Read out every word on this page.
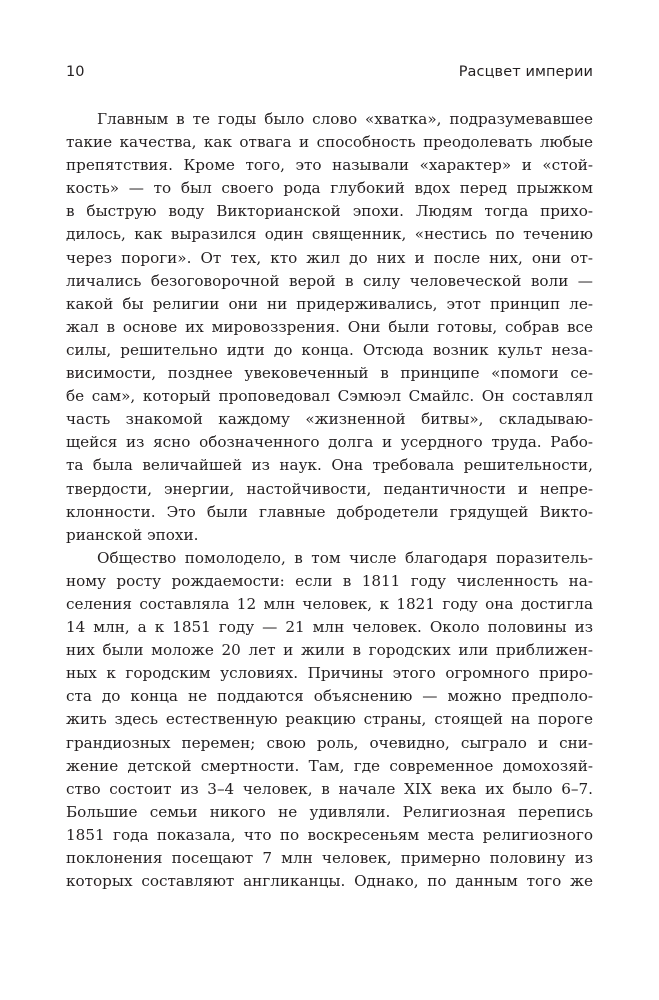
10	Расцвет империи
Главным в те годы было слово «хватка», подразумевавшее
такие качества, как отвага и способность преодолевать любые
препятствия. Кроме того, это называли «характер» и «стой-
кость» — то был своего рода глубокий вдох перед прыжком
в быструю воду Викторианской эпохи. Людям тогда прихо-
дилось, как выразился один священник, «нестись по течению
через пороги». От тех, кто жил до них и после них, они от-
личались безоговорочной верой в силу человеческой воли —
какой бы религии они ни придерживались, этот принцип ле-
жал в основе их мировоззрения. Они были готовы, собрав все
силы, решительно идти до конца. Отсюда возник культ неза-
висимости, позднее увековеченный в принципе «помоги се-
бе сам», который проповедовал Сэмюэл Смайлс. Он составлял
часть знакомой каждому «жизненной битвы», складываю-
щейся из ясно обозначенного долга и усердного труда. Рабо-
та была величайшей из наук. Она требовала решительности,
твердости, энергии, настойчивости, педантичности и непре-
клонности. Это были главные добродетели грядущей Викто-
рианской эпохи.
Общество помолодело, в том числе благодаря поразитель-
ному росту рождаемости: если в 1811 году численность на-
селения составляла 12 млн человек, к 1821 году она достигла
14 млн, а к 1851 году — 21 млн человек. Около половины из
них были моложе 20 лет и жили в городских или приближен-
ных к городским условиях. Причины этого огромного приро-
ста до конца не поддаются объяснению — можно предполо-
жить здесь естественную реакцию страны, стоящей на пороге
грандиозных перемен; свою роль, очевидно, сыграло и сни-
жение детской смертности. Там, где современное домохозяй-
ство состоит из 3–4 человек, в начале XIX века их было 6–7.
Большие семьи никого не удивляли. Религиозная перепись
1851 года показала, что по воскресеньям места религиозного
поклонения посещают 7 млн человек, примерно половину из
которых составляют англиканцы. Однако, по данным того же
